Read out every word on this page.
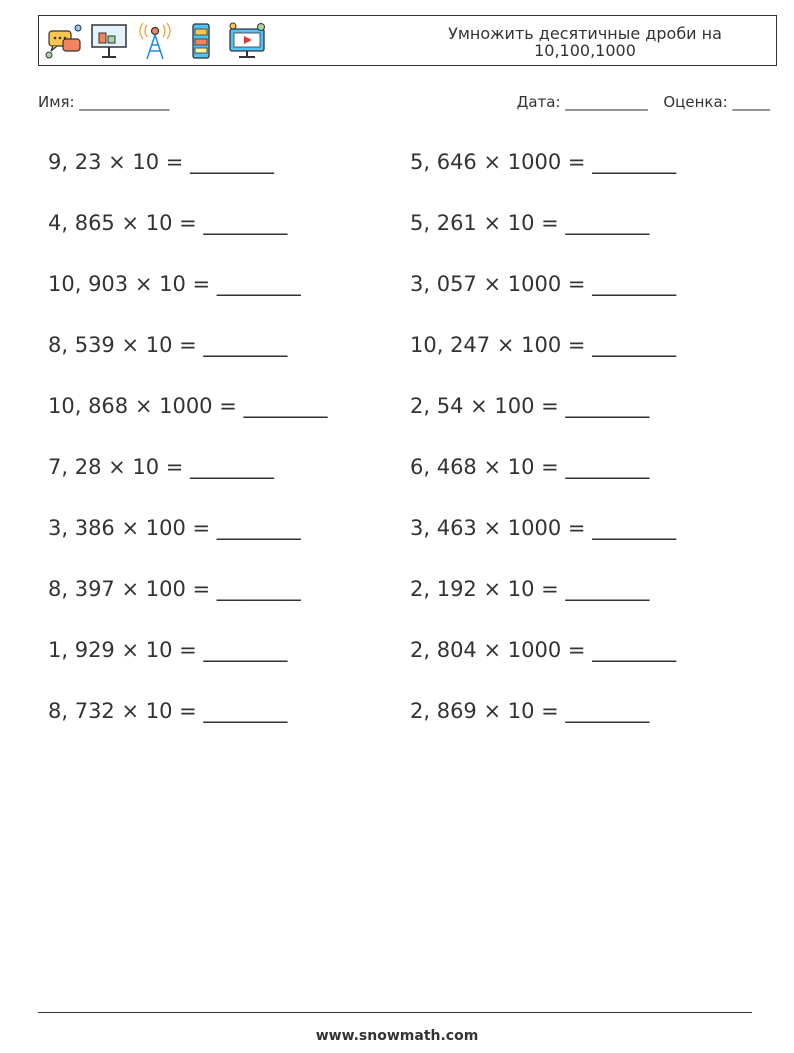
Умножить десятичные дроби на
10,100,1000
Имя: ____________	Дата: ___________ Оценка: _____
9, 23 × 10 = ________	5, 646 × 1000 = ________
4, 865 × 10 = ________	5, 261 × 10 = ________
10, 903 × 10 = ________	3, 057 × 1000 = ________
8, 539 × 10 = ________	10, 247 × 100 = ________
10, 868 × 1000 = ________	2, 54 × 100 = ________
7, 28 × 10 = ________	6, 468 × 10 = ________
3, 386 × 100 = ________	3, 463 × 1000 = ________
8, 397 × 100 = ________	2, 192 × 10 = ________
1, 929 × 10 = ________	2, 804 × 1000 = ________
8, 732 × 10 = ________	2, 869 × 10 = ________
www.snowmath.com
